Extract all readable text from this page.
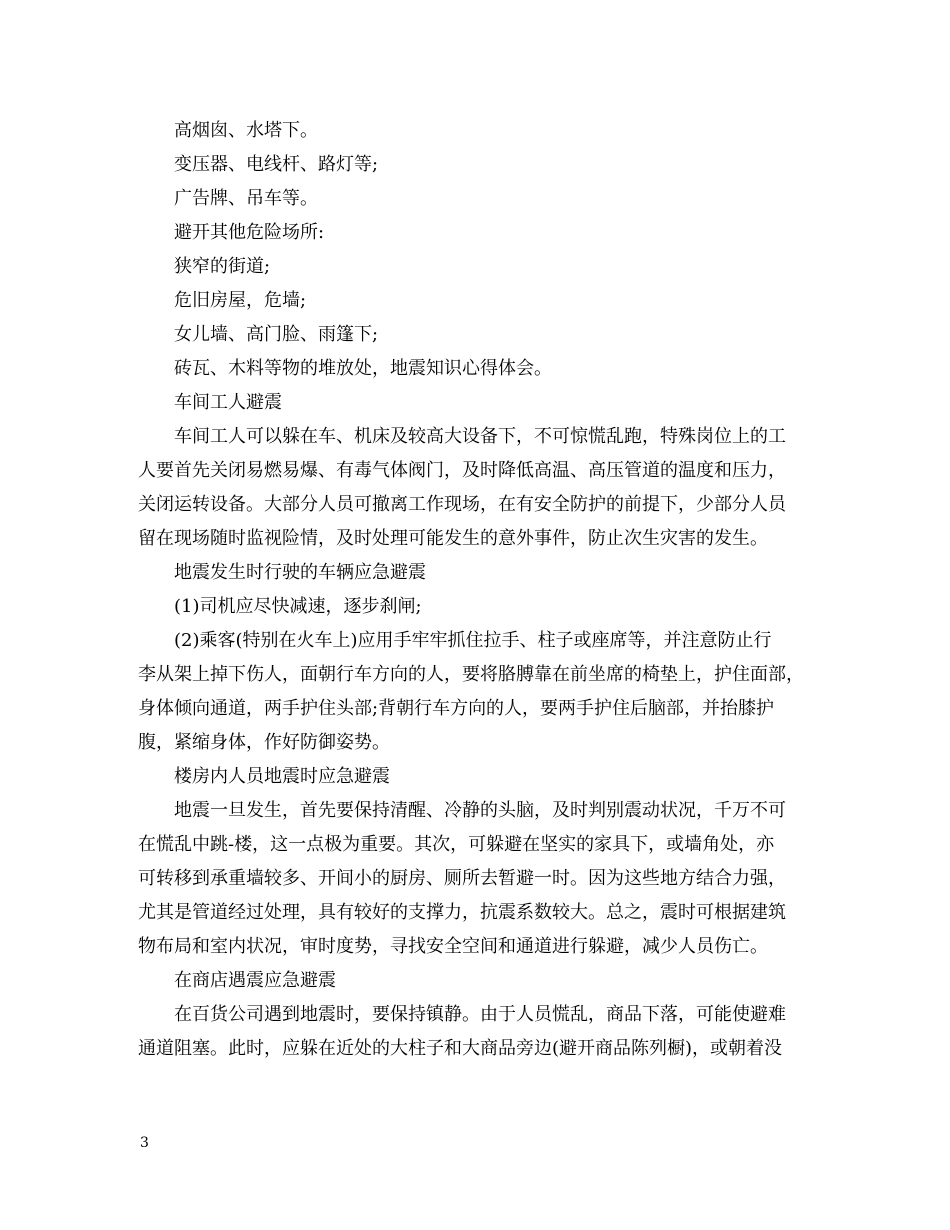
高烟囱、水塔下。
变压器、电线杆、路灯等;
广告牌、吊车等。
避开其他危险场所:
狭窄的街道;
危旧房屋，危墙;
女儿墙、高门脸、雨篷下;
砖瓦、木料等物的堆放处，地震知识心得体会。
车间工人避震
车间工人可以躲在车、机床及较高大设备下，不可惊慌乱跑，特殊岗位上的工
人要首先关闭易燃易爆、有毒气体阀门，及时降低高温、高压管道的温度和压力，
关闭运转设备。大部分人员可撤离工作现场，在有安全防护的前提下，少部分人员
留在现场随时监视险情，及时处理可能发生的意外事件，防止次生灾害的发生。
地震发生时行驶的车辆应急避震
(1)司机应尽快减速，逐步刹闸;
(2)乘客(特别在火车上)应用手牢牢抓住拉手、柱子或座席等，并注意防止行
李从架上掉下伤人，面朝行车方向的人，要将胳膊靠在前坐席的椅垫上，护住面部，
身体倾向通道，两手护住头部;背朝行车方向的人，要两手护住后脑部，并抬膝护
腹，紧缩身体，作好防御姿势。
楼房内人员地震时应急避震
地震一旦发生，首先要保持清醒、冷静的头脑，及时判别震动状况，千万不可
在慌乱中跳-楼，这一点极为重要。其次，可躲避在坚实的家具下，或墙角处，亦
可转移到承重墙较多、开间小的厨房、厕所去暂避一时。因为这些地方结合力强，
尤其是管道经过处理，具有较好的支撑力，抗震系数较大。总之，震时可根据建筑
物布局和室内状况，审时度势，寻找安全空间和通道进行躲避，减少人员伤亡。
在商店遇震应急避震
在百货公司遇到地震时，要保持镇静。由于人员慌乱，商品下落，可能使避难
通道阻塞。此时，应躲在近处的大柱子和大商品旁边(避开商品陈列橱)，或朝着没
3
